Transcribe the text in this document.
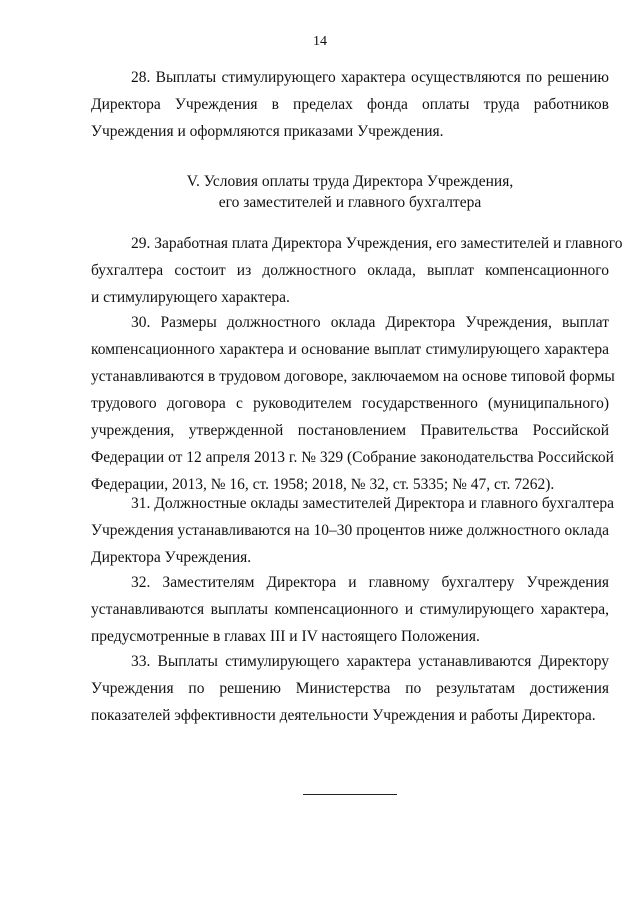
14
28. Выплаты стимулирующего характера осуществляются по решению
Директора Учреждения в пределах фонда оплаты труда работников
Учреждения и оформляются приказами Учреждения.
V. Условия оплаты труда Директора Учреждения,
его заместителей и главного бухгалтера
29. Заработная плата Директора Учреждения, его заместителей и главного
бухгалтера состоит из должностного оклада, выплат компенсационного
и стимулирующего характера.
30. Размеры должностного оклада Директора Учреждения, выплат
компенсационного характера и основание выплат стимулирующего характера
устанавливаются в трудовом договоре, заключаемом на основе типовой формы
трудового договора с руководителем государственного (муниципального)
учреждения, утвержденной постановлением Правительства Российской
Федерации от 12 апреля 2013 г. № 329 (Собрание законодательства Российской
Федерации, 2013, № 16, ст. 1958; 2018, № 32, ст. 5335; № 47, ст. 7262).
31. Должностные оклады заместителей Директора и главного бухгалтера
Учреждения устанавливаются на 10–30 процентов ниже должностного оклада
Директора Учреждения.
32. Заместителям Директора и главному бухгалтеру Учреждения
устанавливаются выплаты компенсационного и стимулирующего характера,
предусмотренные в главах III и IV настоящего Положения.
33. Выплаты стимулирующего характера устанавливаются Директору
Учреждения по решению Министерства по результатам достижения
показателей эффективности деятельности Учреждения и работы Директора.
